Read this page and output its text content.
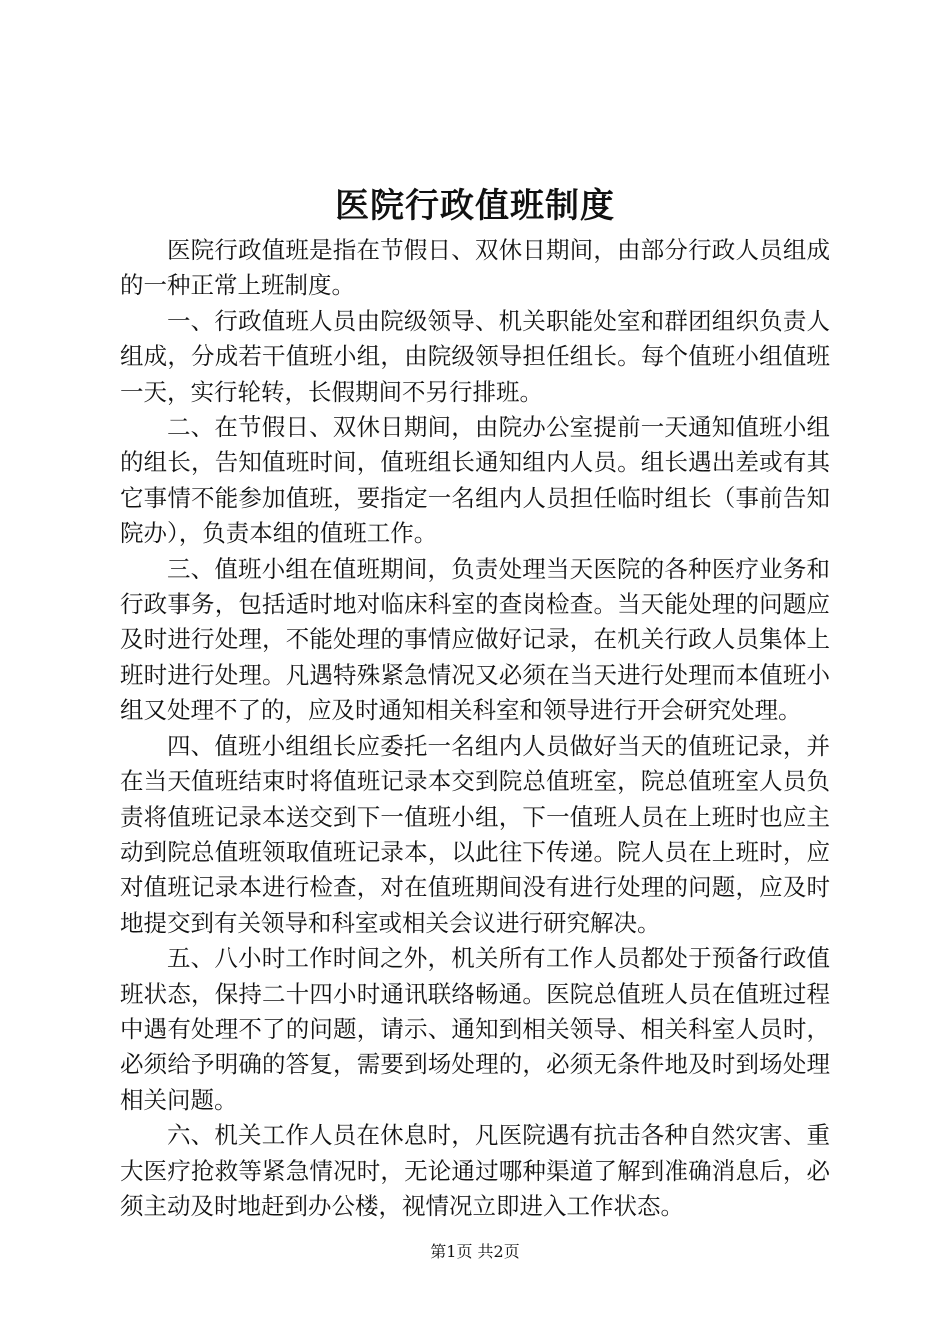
医院行政值班制度

医院行政值班是指在节假日、双休日期间，由部分行政人员组成的一种正常上班制度。

一、行政值班人员由院级领导、机关职能处室和群团组织负责人组成，分成若干值班小组，由院级领导担任组长。每个值班小组值班一天，实行轮转，长假期间不另行排班。

二、在节假日、双休日期间，由院办公室提前一天通知值班小组的组长，告知值班时间，值班组长通知组内人员。组长遇出差或有其它事情不能参加值班，要指定一名组内人员担任临时组长（事前告知院办），负责本组的值班工作。

三、值班小组在值班期间，负责处理当天医院的各种医疗业务和行政事务，包括适时地对临床科室的查岗检查。当天能处理的问题应及时进行处理，不能处理的事情应做好记录，在机关行政人员集体上班时进行处理。凡遇特殊紧急情况又必须在当天进行处理而本值班小组又处理不了的，应及时通知相关科室和领导进行开会研究处理。

四、值班小组组长应委托一名组内人员做好当天的值班记录，并在当天值班结束时将值班记录本交到院总值班室，院总值班室人员负责将值班记录本送交到下一值班小组，下一值班人员在上班时也应主动到院总值班领取值班记录本，以此往下传递。院人员在上班时，应对值班记录本进行检查，对在值班期间没有进行处理的问题，应及时地提交到有关领导和科室或相关会议进行研究解决。

五、八小时工作时间之外，机关所有工作人员都处于预备行政值班状态，保持二十四小时通讯联络畅通。医院总值班人员在值班过程中遇有处理不了的问题，请示、通知到相关领导、相关科室人员时，必须给予明确的答复，需要到场处理的，必须无条件地及时到场处理相关问题。

六、机关工作人员在休息时，凡医院遇有抗击各种自然灾害、重大医疗抢救等紧急情况时，无论通过哪种渠道了解到准确消息后，必须主动及时地赶到办公楼，视情况立即进入工作状态。

第1页 共2页
